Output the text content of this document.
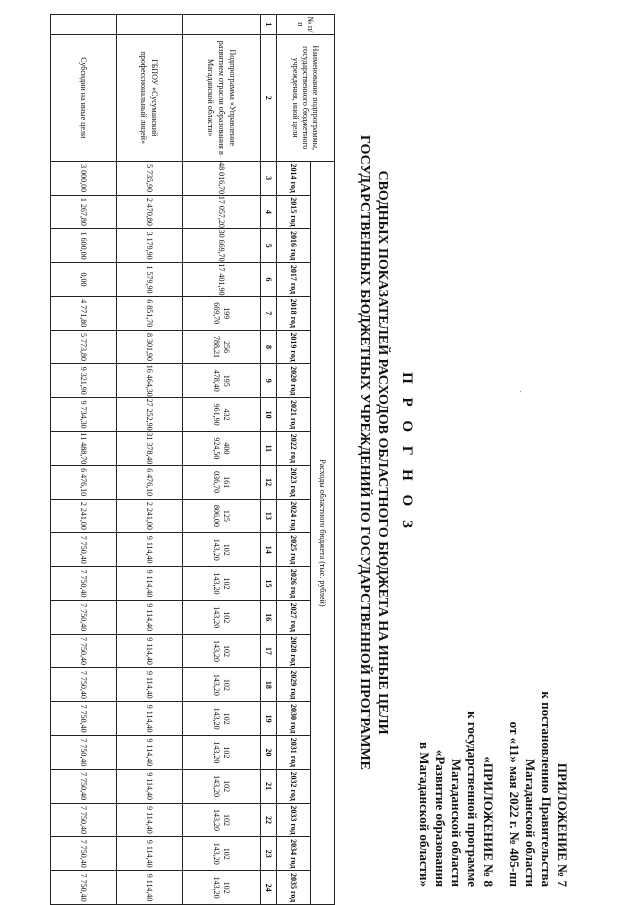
ПРИЛОЖЕНИЕ № 7
к постановлению Правительства
Магаданской области
от «11» мая 2022 г. № 405-пп
«ПРИЛОЖЕНИЕ № 8
к государственной программе
Магаданской области
«Развитие образования
в Магаданской области»
·
П Р О Г Н О З
СВОДНЫХ ПОКАЗАТЕЛЕЙ РАСХОДОВ ОБЛАСТНОГО БЮДЖЕТА НА ИНЫЕ ЦЕЛИ
ГОСУДАРСТВЕННЫХ БЮДЖЕТНЫХ УЧРЕЖДЕНИЙ ПО ГОСУДАРСТВЕННОЙ ПРОГРАММЕ
№ п/п	Наименование подпрограммы, государственного бюджетного учреждения, иной цели	Расходы областного бюджета (тыс. рублей)																					
		2014 год	2015 год	2016 год	2017 год	2018 год	2019 год	2020 год	2021 год	2022 год	2023 год	2024 год	2025 год	2026 год	2027 год	2028 год	2029 год	2030 год	2031 год	2032 год	2033 год	2034 год	2035 год
1	2	3	4	5	6	7	8	9	10	11	12	13	14	15	16	17	18	19	20	21	22	23	24
	Подпрограмма «Управление развитием отрасли образования в Магаданской области»	48 016,70	17 057,20	30 669,70	17 401,90	199 669,70	256 788,21	195 478,40	432 961,90	400 924,50	161 036,70	125 806,00	102 143,20	102 143,20	102 143,20	102 143,20	102 143,20	102 143,20	102 143,20	102 143,20	102 143,20	102 143,20	102 143,20
	ГБПОУ «Сусуманский профессиональный лицей»	5 735,90	2 470,80	3 179,90	1 579,90	6 851,70	8 301,90	16 464,30	27 252,90	31 378,40	6 476,10	2 241,00	9 114,40	9 114,40	9 114,40	9 114,40	9 114,40	9 114,40	9 114,40	9 114,40	9 114,40	9 114,40	9 114,40
	Субсидии на иные цели	3 000,00	1 267,80	1 600,00	0,00	4 771,80	5 773,80	9 321,90	9 734,30	11 488,70	6 476,10	2 241,00	7 750,40	7 750,40	7 750,40	7 750,40	7 750,40	7 750,40	7 750,40	7 750,40	7 750,40	7 750,40	7 750,40
